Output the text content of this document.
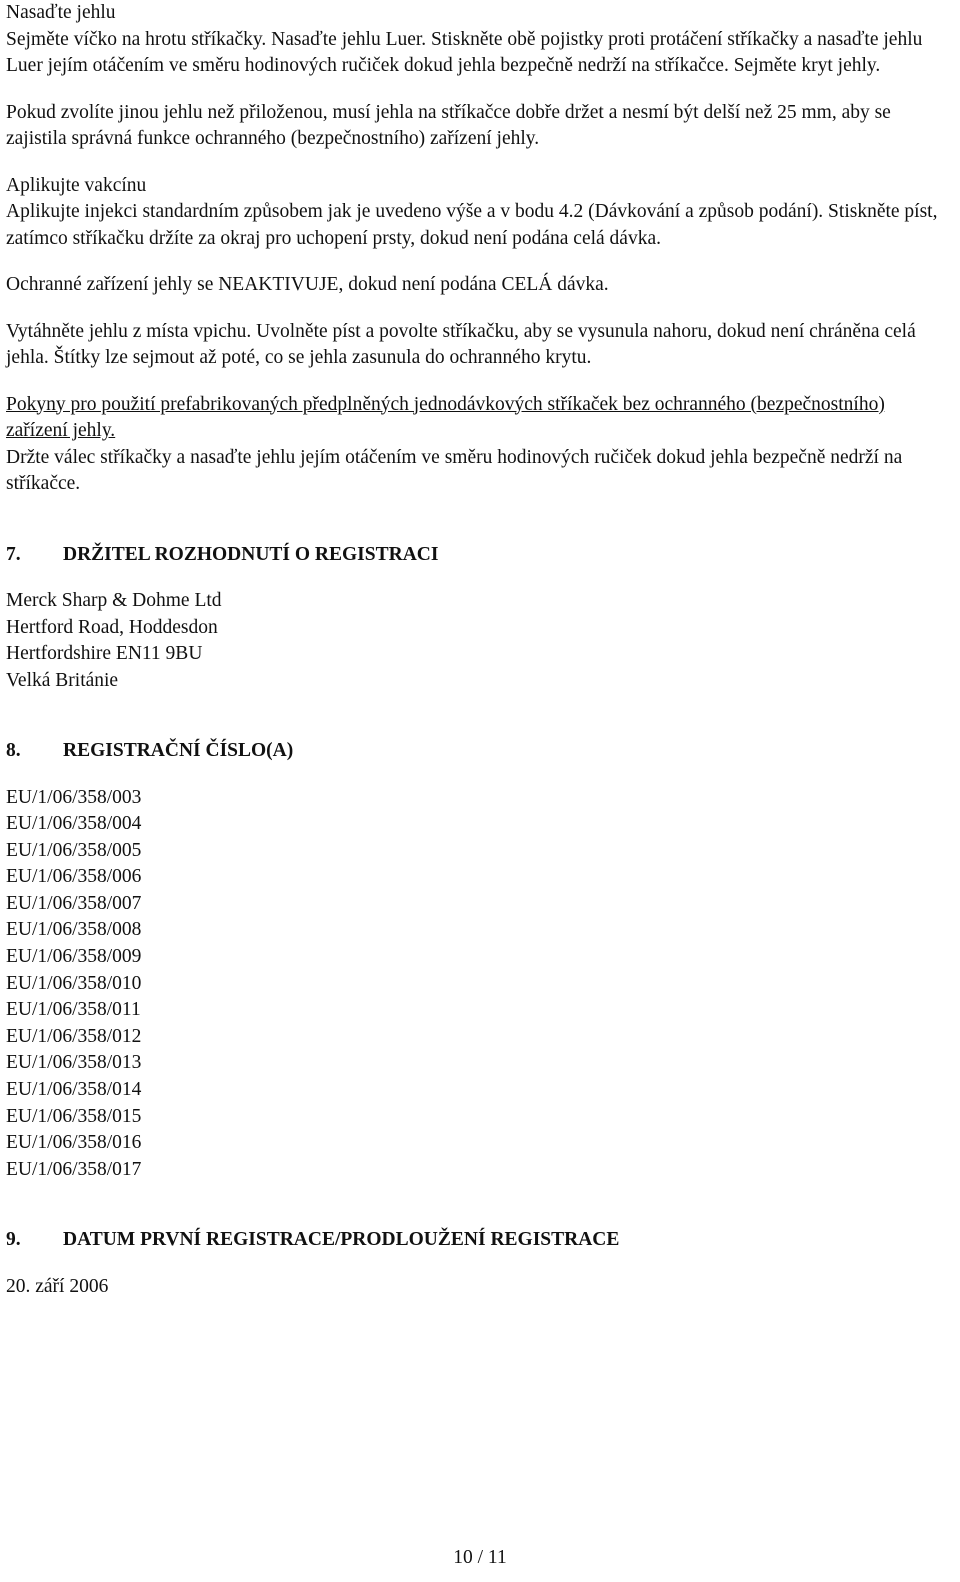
Nasaďte jehlu

Sejměte víčko na hrotu stříkačky. Nasaďte jehlu Luer. Stiskněte obě pojistky proti protáčení stříkačky a nasaďte jehlu Luer jejím otáčením ve směru hodinových ručiček dokud jehla bezpečně nedrží na stříkačce. Sejměte kryt jehly.

Pokud zvolíte jinou jehlu než přiloženou, musí jehla na stříkačce dobře držet a nesmí být delší než 25 mm, aby se zajistila správná funkce ochranného (bezpečnostního) zařízení jehly.

Aplikujte vakcínu

Aplikujte injekci standardním způsobem jak je uvedeno výše a v bodu 4.2 (Dávkování a způsob podání). Stiskněte píst, zatímco stříkačku držíte za okraj pro uchopení prsty, dokud není podána celá dávka.

Ochranné zařízení jehly se NEAKTIVUJE, dokud není podána CELÁ dávka.

Vytáhněte jehlu z místa vpichu. Uvolněte píst a povolte stříkačku, aby se vysunula nahoru, dokud není chráněna celá jehla. Štítky lze sejmout až poté, co se jehla zasunula do ochranného krytu.

Pokyny pro použití prefabrikovaných předplněných jednodávkových stříkaček bez ochranného (bezpečnostního) zařízení jehly.

Držte válec stříkačky a nasaďte jehlu jejím otáčením ve směru hodinových ručiček dokud jehla bezpečně nedrží na stříkačce.

7.	DRŽITEL ROZHODNUTÍ O REGISTRACI

Merck Sharp & Dohme Ltd

Hertford Road, Hoddesdon

Hertfordshire EN11 9BU

Velká Británie

8.	REGISTRAČNÍ ČÍSLO(A)
EU/1/06/358/003
EU/1/06/358/004
EU/1/06/358/005
EU/1/06/358/006
EU/1/06/358/007
EU/1/06/358/008
EU/1/06/358/009
EU/1/06/358/010
EU/1/06/358/011
EU/1/06/358/012
EU/1/06/358/013
EU/1/06/358/014
EU/1/06/358/015
EU/1/06/358/016
EU/1/06/358/017
9.	DATUM PRVNÍ REGISTRACE/PRODLOUŽENÍ REGISTRACE

20. září 2006

10 / 11
